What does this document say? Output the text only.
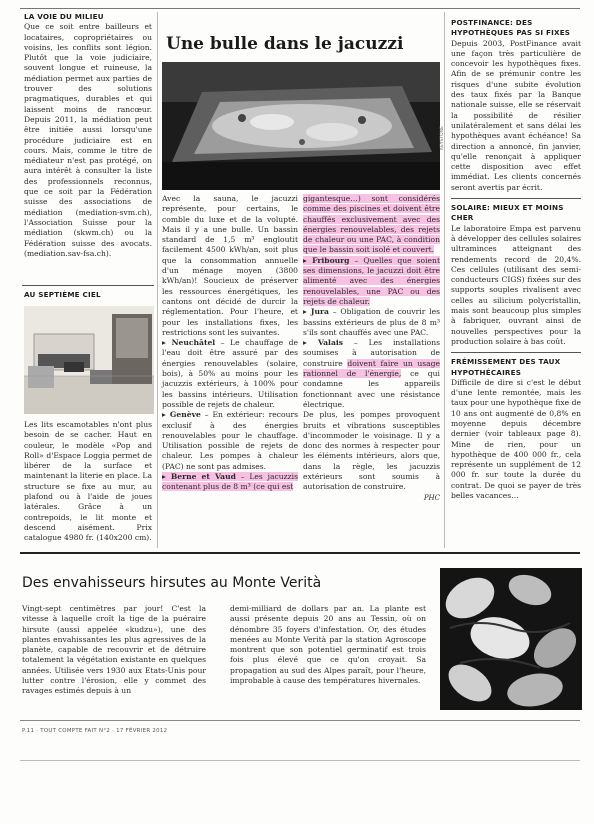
LA VOIE DU MILIEU

Que ce soit entre bailleurs et locataires, copropriétaires ou voisins, les conflits sont légion. Plutôt que la voie judiciaire, souvent longue et ruineuse, la médiation permet aux parties de trouver des solutions pragmatiques, durables et qui laissent moins de rancœur. Depuis 2011, la médiation peut être initiée aussi lorsqu'une procédure judiciaire est en cours. Mais, comme le titre de médiateur n'est pas protégé, on aura intérêt à consulter la liste des professionnels reconnus, que ce soit par la Fédération suisse des associations de médiation (mediation-svm.ch), l'Association Suisse pour la médiation (skwm.ch) ou la Fédération suisse des avocats. (mediation.sav-fsa.ch).

AU SEPTIÈME CIEL

Les lits escamotables n'ont plus besoin de se cacher. Haut en couleur, le modèle «Pop and Roll» d'Espace Loggia permet de libérer de la surface et maintenant la literie en place. La structure se fixe au mur, au plafond ou à l'aide de joues latérales. Grâce à un contrepoids, le lit monte et descend aisément. Prix catalogue 4980 fr. (140x200 cm).

Une bulle dans le jacuzzi
KEYSTONE

Avec la sauna, le jacuzzi représente, pour certains, le comble du luxe et de la volupté. Mais il y a une bulle. Un bassin standard de 1,5 m³ engloutit facilement 4500 kWh/an, soit plus que la consommation annuelle d'un ménage moyen (3800 kWh/an)! Soucieux de préserver les ressources énergétiques, les cantons ont décidé de durcir la réglementation. Pour l'heure, et pour les installations fixes, les restrictions sont les suivantes.

▸ Neuchâtel – Le chauffage de l'eau doit être assuré par des énergies renouvelables (solaire, bois), à 50% au moins pour les jacuzzis extérieurs, à 100% pour les bassins intérieurs. Utilisation possible de rejets de chaleur.

▸ Genève – En extérieur: recours exclusif à des énergies renouvelables pour le chauffage. Utilisation possible de rejets de chaleur. Les pompes à chaleur (PAC) ne sont pas admises.

▸ Berne et Vaud – Les jacuzzis contenant plus de 8 m³ (ce qui est

gigantesque…) sont considérés comme des piscines et doivent être chauffés exclusivement avec des énergies renouvelables, des rejets de chaleur ou une PAC, à condition que le bassin soit isolé et couvert.

▸ Fribourg – Quelles que soient ses dimensions, le jacuzzi doit être alimenté avec des énergies renouvelables, une PAC ou des rejets de chaleur.

▸ Jura – Obligation de couvrir les bassins extérieurs de plus de 8 m³ s'ils sont chauffés avec une PAC.

▸ Valais – Les installations soumises à autorisation de construire doivent faire un usage rationnel de l'énergie, ce qui condamne les appareils fonctionnant avec une résistance électrique.

De plus, les pompes provoquent bruits et vibrations susceptibles d'incommoder le voisinage. Il y a donc des normes à respecter pour les éléments intérieurs, alors que, dans la règle, les jacuzzis extérieurs sont soumis à autorisation de construire.

PHC

POSTFINANCE: DES HYPOTHÈQUES PAS SI FIXES

Depuis 2003, PostFinance avait une façon très particulière de concevoir les hypothèques fixes. Afin de se prémunir contre les risques d'une subite évolution des taux fixés par la Banque nationale suisse, elle se réservait la possibilité de résilier unilatéralement et sans délai les hypothèques avant échéance! Sa direction a annoncé, fin janvier, qu'elle renonçait à appliquer cette disposition avec effet immédiat. Les clients concernés seront avertis par écrit.

SOLAIRE: MIEUX ET MOINS CHER

Le laboratoire Empa est parvenu à développer des cellules solaires ultraminces atteignant des rendements record de 20,4%. Ces cellules (utilisant des semi-conducteurs CIGS) fixées sur des supports souples rivalisent avec celles au silicium polycristallin, mais sont beaucoup plus simples à fabriquer, ouvrant ainsi de nouvelles perspectives pour la production solaire à bas coût.

FRÉMISSEMENT DES TAUX HYPOTHÉCAIRES

Difficile de dire si c'est le début d'une lente remontée, mais les taux pour une hypothèque fixe de 10 ans ont augmenté de 0,8% en moyenne depuis décembre dernier (voir tableaux page 8). Mine de rien, pour un hypothèque de 400 000 fr., cela représente un supplément de 12 000 fr. sur toute la durée du contrat. De quoi se payer de très belles vacances…

Des envahisseurs hirsutes au Monte Verità

Vingt-sept centimètres par jour! C'est la vitesse à laquelle croît la tige de la puéraire hirsute (aussi appelée «kudzu»), une des plantes envahissantes les plus agressives de la planète, capable de recouvrir et de détruire totalement la végétation existante en quelques années. Utilisée vers 1930 aux Etats-Unis pour lutter contre l'érosion, elle y commet des ravages estimés depuis à un

demi-milliard de dollars par an. La plante est aussi présente depuis 20 ans au Tessin, où on dénombre 35 foyers d'infestation. Or, des études menées au Monte Verità par la station Agroscope montrent que son potentiel germinatif est trois fois plus élevé que ce qu'on croyait. Sa propagation au sud des Alpes paraît, pour l'heure, improbable à cause des températures hivernales.

P.11 · TOUT COMPTE FAIT N°2 · 17 FÉVRIER 2012
